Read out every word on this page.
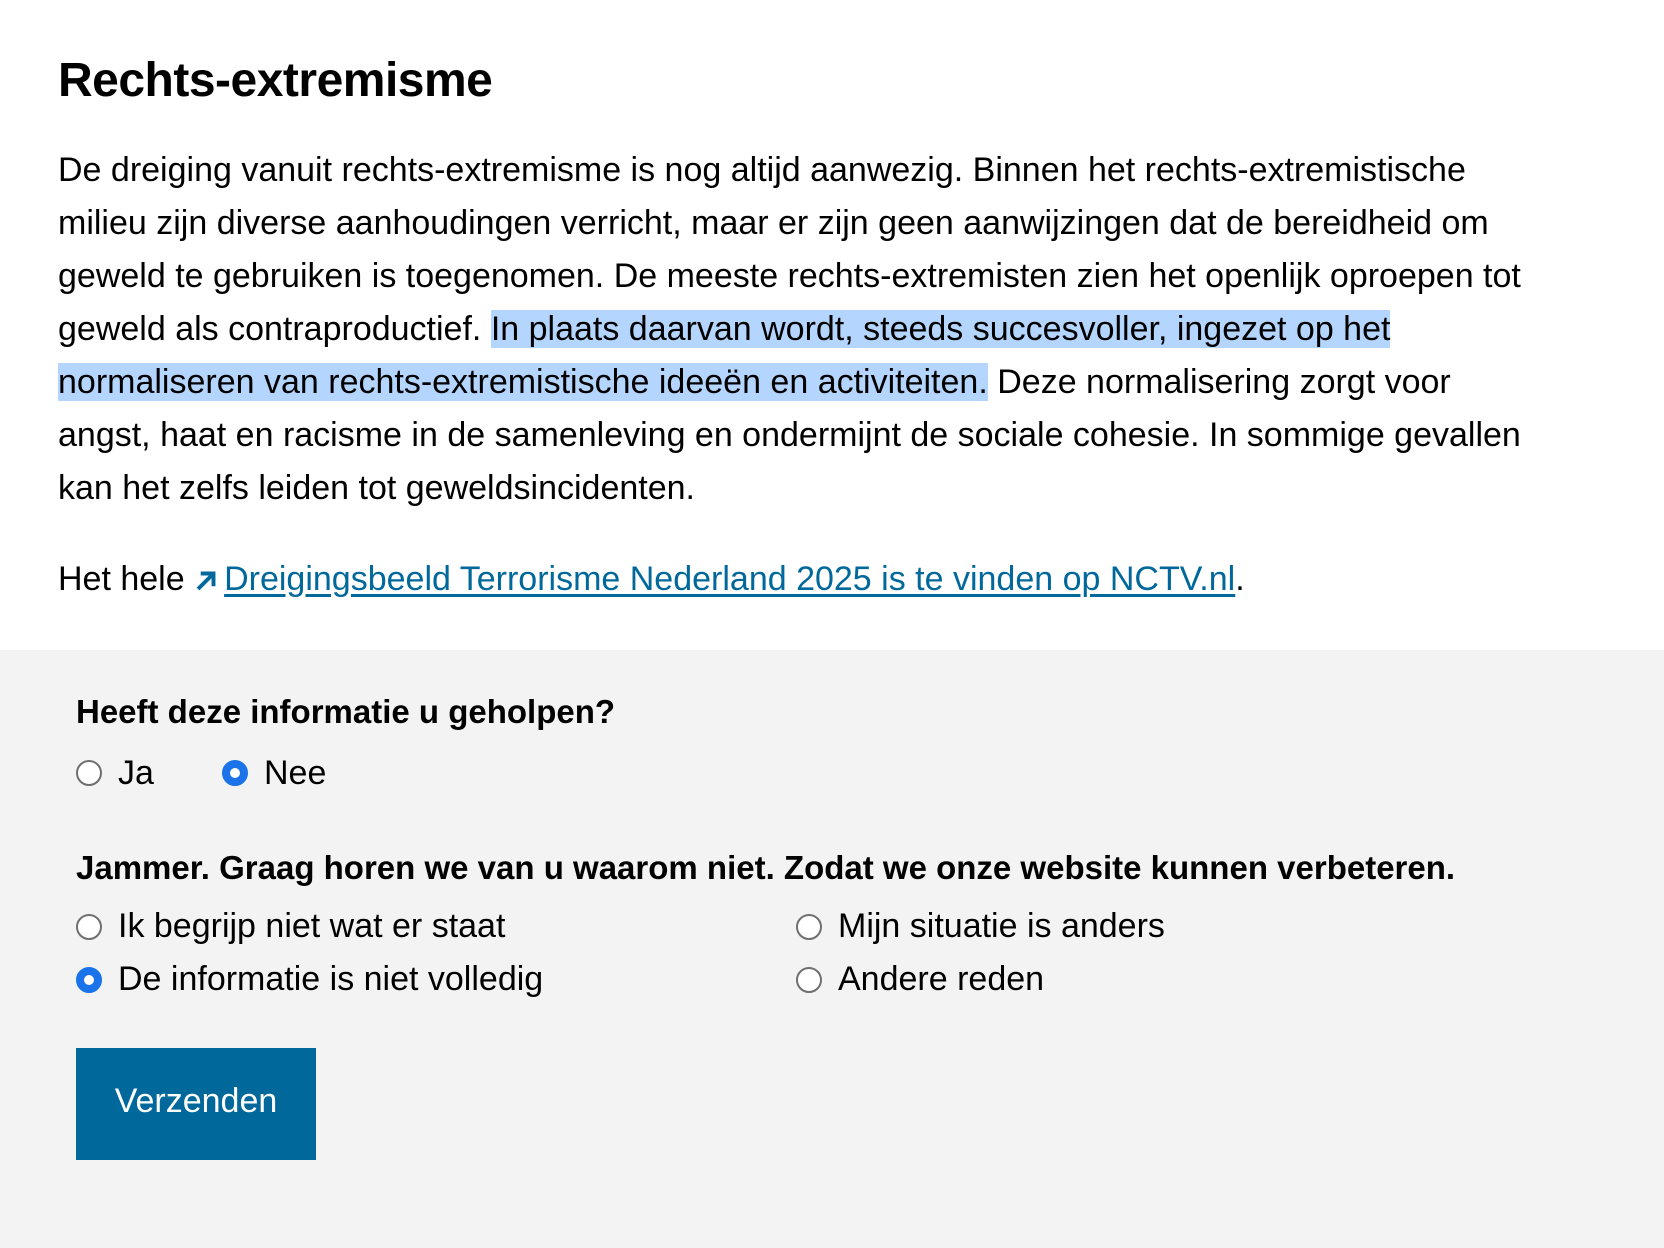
Rechts-extremisme

De dreiging vanuit rechts-extremisme is nog altijd aanwezig. Binnen het rechts-extremistische milieu zijn diverse aanhoudingen verricht, maar er zijn geen aanwijzingen dat de bereidheid om geweld te gebruiken is toegenomen. De meeste rechts-extremisten zien het openlijk oproepen tot geweld als contraproductief. In plaats daarvan wordt, steeds succesvoller, ingezet op het normaliseren van rechts-extremistische ideeën en activiteiten. Deze normalisering zorgt voor angst, haat en racisme in de samenleving en ondermijnt de sociale cohesie. In sommige gevallen kan het zelfs leiden tot geweldsincidenten.

Het hele Dreigingsbeeld Terrorisme Nederland 2025 is te vinden op NCTV.nl.

Heeft deze informatie u geholpen?

Ja	Nee

Jammer. Graag horen we van u waarom niet. Zodat we onze website kunnen verbeteren.

Ik begrijp niet wat er staat	Mijn situatie is anders
De informatie is niet volledig	Andere reden
Verzenden
